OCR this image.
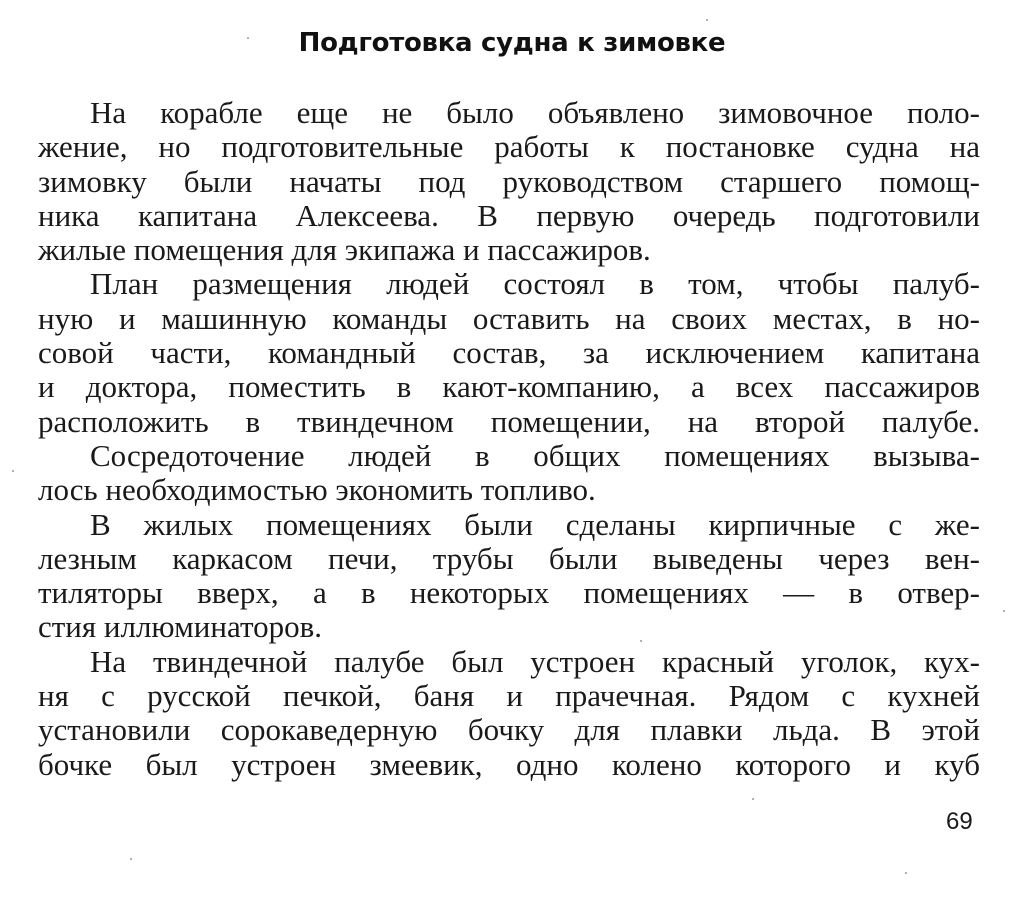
Подготовка судна к зимовке
На корабле еще не было объявлено зимовочное поло-
жение, но подготовительные работы к постановке судна на
зимовку были начаты под руководством старшего помощ-
ника капитана Алексеева. В первую очередь подготовили
жилые помещения для экипажа и пассажиров.
План размещения людей состоял в том, чтобы палуб-
ную и машинную команды оставить на своих местах, в но-
совой части, командный состав, за исключением капитана
и доктора, поместить в кают-компанию, а всех пассажиров
расположить в твиндечном помещении, на второй палубе.
Сосредоточение людей в общих помещениях вызыва-
лось необходимостью экономить топливо.
В жилых помещениях были сделаны кирпичные с же-
лезным каркасом печи, трубы были выведены через вен-
тиляторы вверх, а в некоторых помещениях — в отвер-
стия иллюминаторов.
На твиндечной палубе был устроен красный уголок, кух-
ня с русской печкой, баня и прачечная. Рядом с кухней
установили сорокаведерную бочку для плавки льда. В этой
бочке был устроен змеевик, одно колено которого и куб
69
